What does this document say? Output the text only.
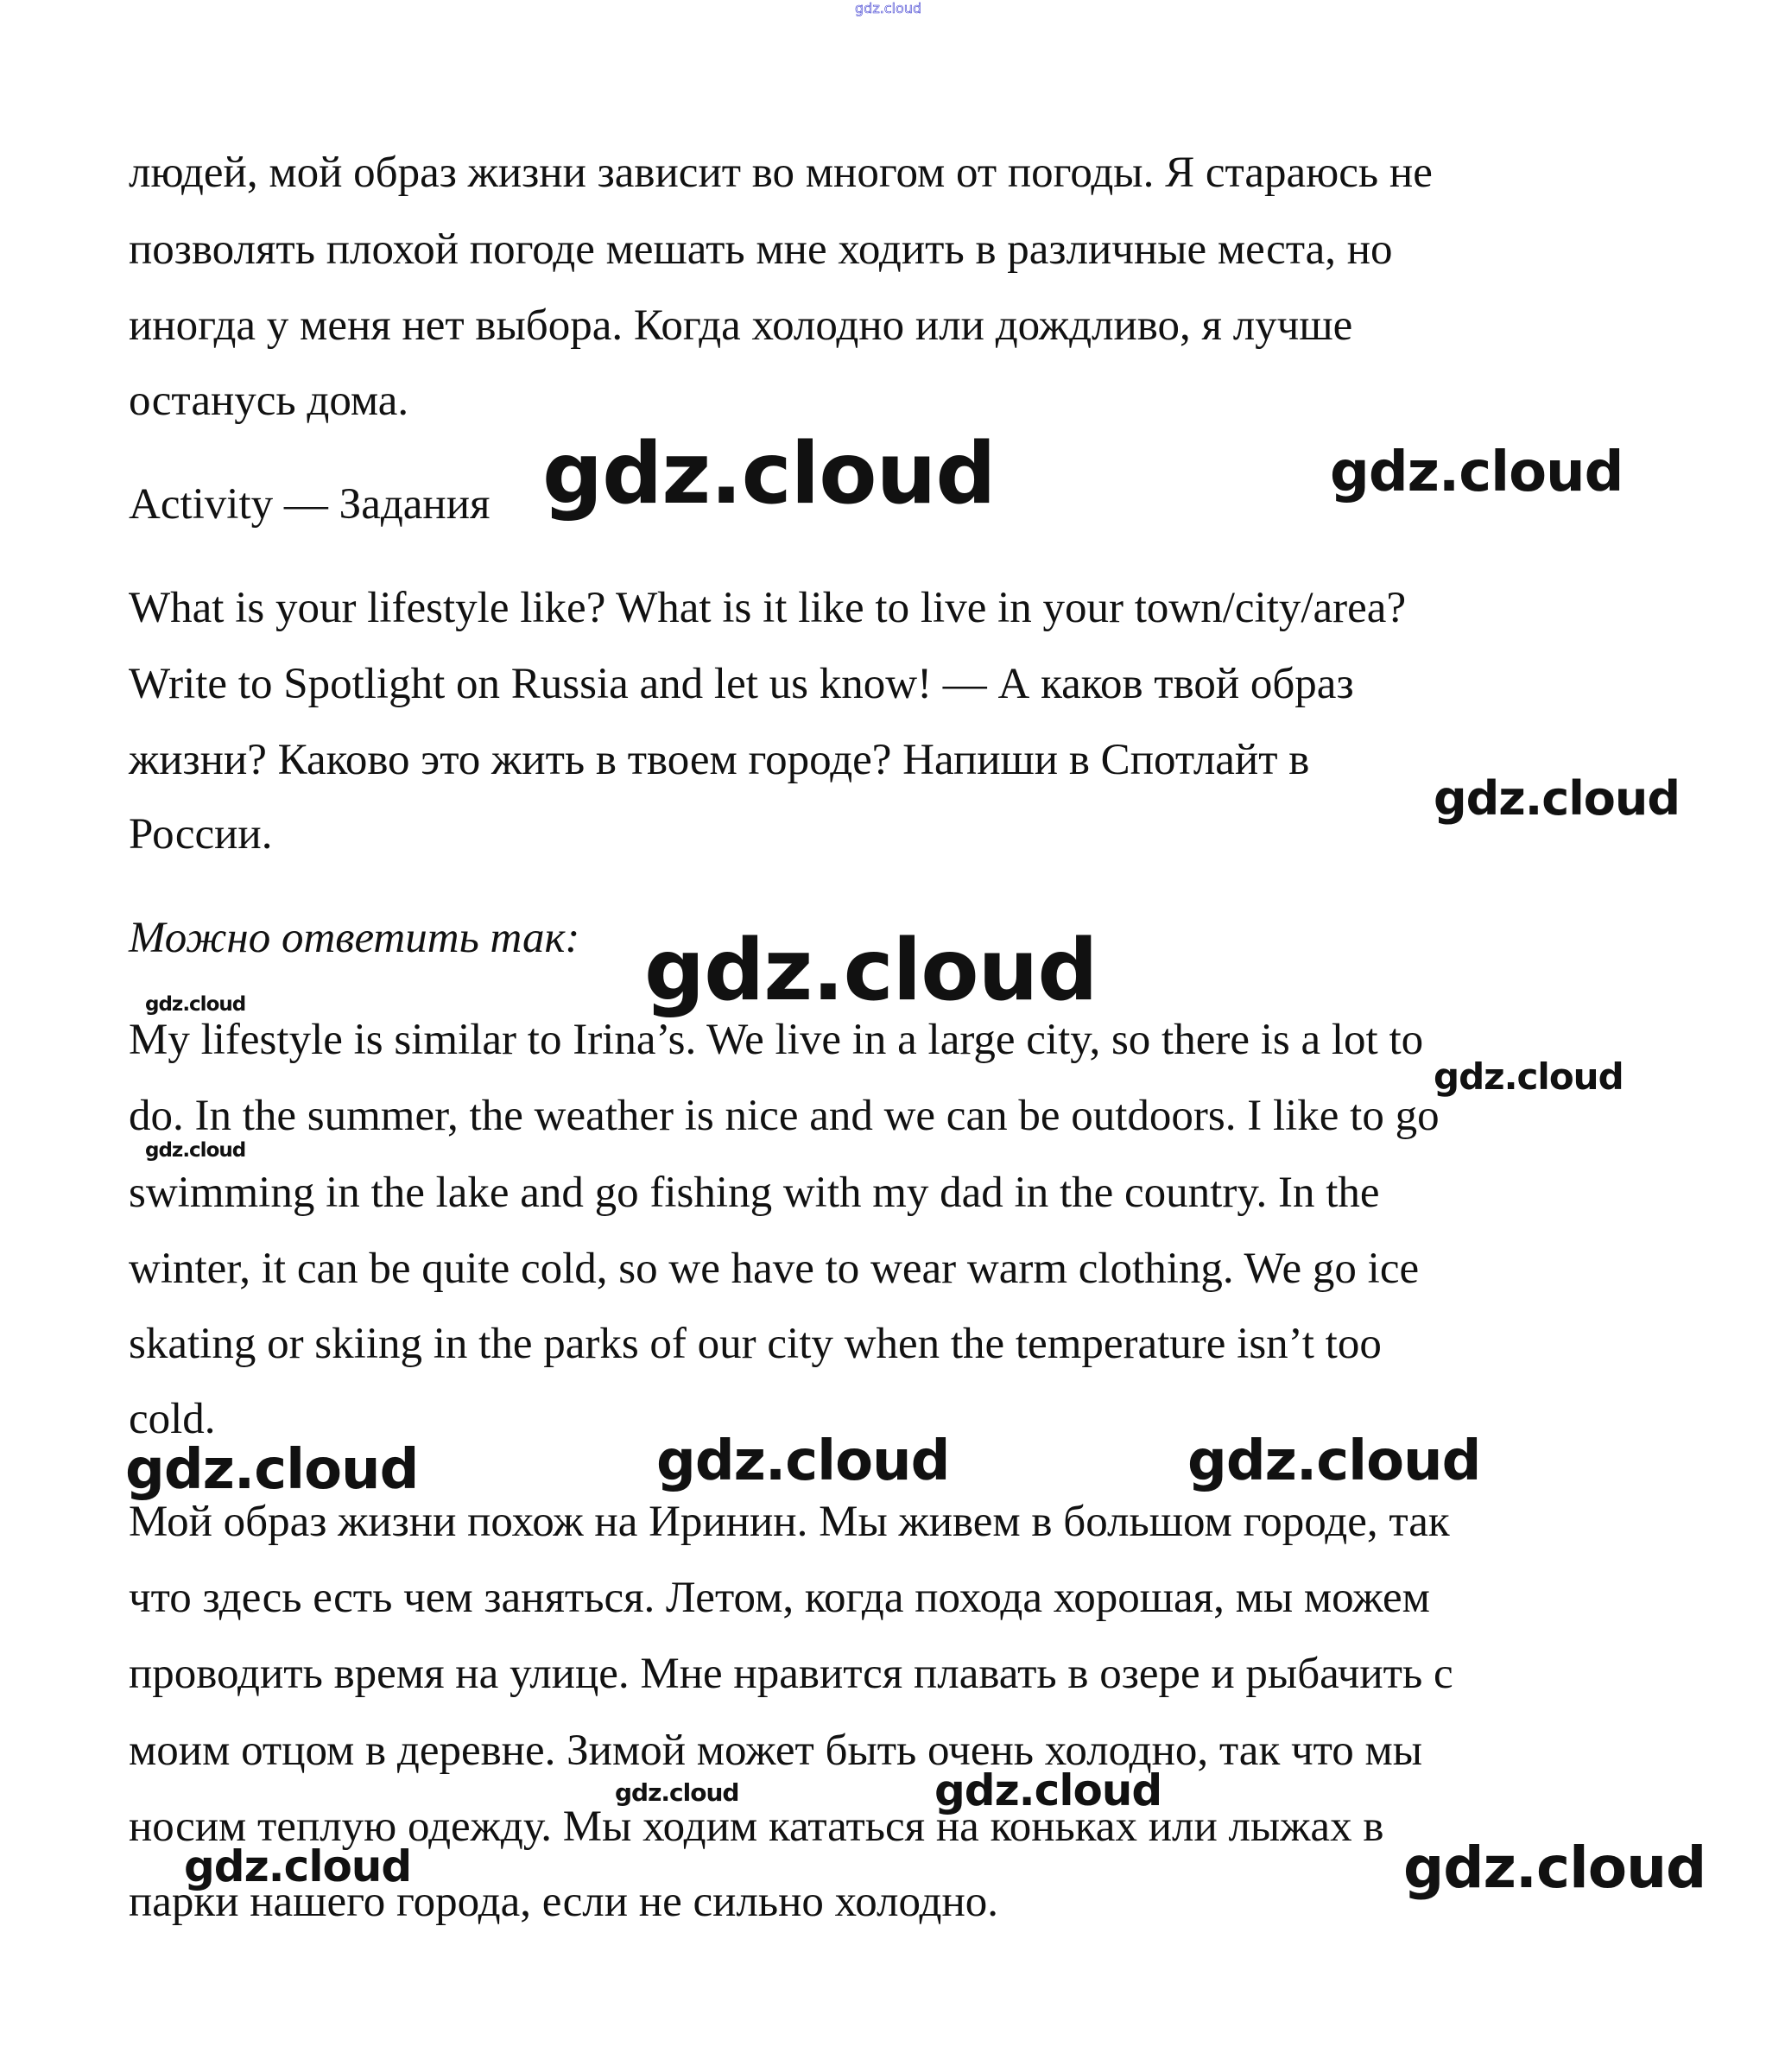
gdz.cloud
людей, мой образ жизни зависит во многом от погоды. Я стараюсь не
позволять плохой погоде мешать мне ходить в различные места, но
иногда у меня нет выбора. Когда холодно или дождливо, я лучше
останусь дома.
Activity — Задания
What is your lifestyle like? What is it like to live in your town/city/area?
Write to Spotlight on Russia and let us know! — А каков твой образ
жизни? Каково это жить в твоем городе? Напиши в Спотлайт в
России.
Можно ответить так:
My lifestyle is similar to Irina’s. We live in a large city, so there is a lot to
do. In the summer, the weather is nice and we can be outdoors. I like to go
swimming in the lake and go fishing with my dad in the country. In the
winter, it can be quite cold, so we have to wear warm clothing. We go ice
skating or skiing in the parks of our city when the temperature isn’t too
cold.
Мой образ жизни похож на Иринин. Мы живем в большом городе, так
что здесь есть чем заняться. Летом, когда похода хорошая, мы можем
проводить время на улице. Мне нравится плавать в озере и рыбачить с
моим отцом в деревне. Зимой может быть очень холодно, так что мы
носим теплую одежду. Мы ходим кататься на коньках или лыжах в
парки нашего города, если не сильно холодно.
gdz.cloud	gdz.cloud
gdz.cloud
gdz.cloud
gdz.cloud
gdz.cloud
gdz.cloud
gdz.cloud	gdz.cloud	gdz.cloud
gdz.cloud	gdz.cloud
gdz.cloud	gdz.cloud
